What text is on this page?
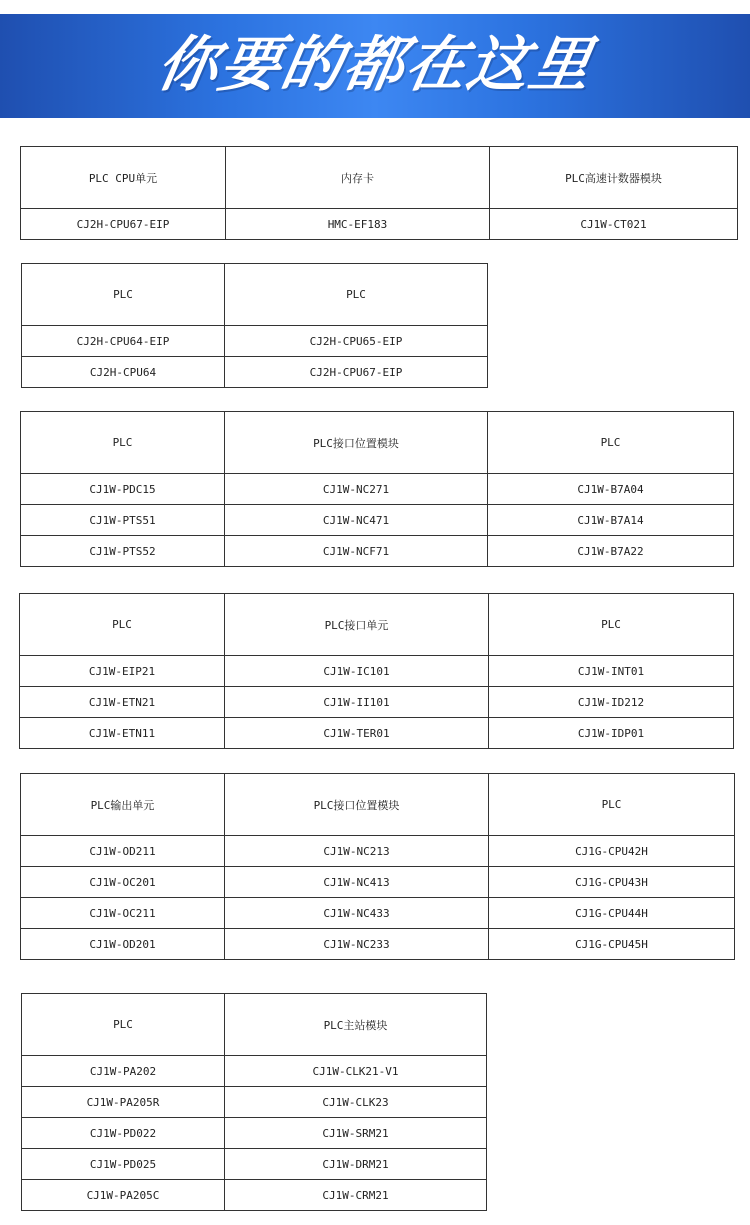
你要的都在这里
PLC CPU单元	内存卡	PLC高速计数器模块
CJ2H-CPU67-EIP	HMC-EF183	CJ1W-CT021
PLC	PLC
CJ2H-CPU64-EIP	CJ2H-CPU65-EIP
CJ2H-CPU64	CJ2H-CPU67-EIP
PLC	PLC接口位置模块	PLC
CJ1W-PDC15	CJ1W-NC271	CJ1W-B7A04
CJ1W-PTS51	CJ1W-NC471	CJ1W-B7A14
CJ1W-PTS52	CJ1W-NCF71	CJ1W-B7A22
PLC	PLC接口单元	PLC
CJ1W-EIP21	CJ1W-IC101	CJ1W-INT01
CJ1W-ETN21	CJ1W-II101	CJ1W-ID212
CJ1W-ETN11	CJ1W-TER01	CJ1W-IDP01
PLC输出单元	PLC接口位置模块	PLC
CJ1W-OD211	CJ1W-NC213	CJ1G-CPU42H
CJ1W-OC201	CJ1W-NC413	CJ1G-CPU43H
CJ1W-OC211	CJ1W-NC433	CJ1G-CPU44H
CJ1W-OD201	CJ1W-NC233	CJ1G-CPU45H
PLC	PLC主站模块
CJ1W-PA202	CJ1W-CLK21-V1
CJ1W-PA205R	CJ1W-CLK23
CJ1W-PD022	CJ1W-SRM21
CJ1W-PD025	CJ1W-DRM21
CJ1W-PA205C	CJ1W-CRM21
